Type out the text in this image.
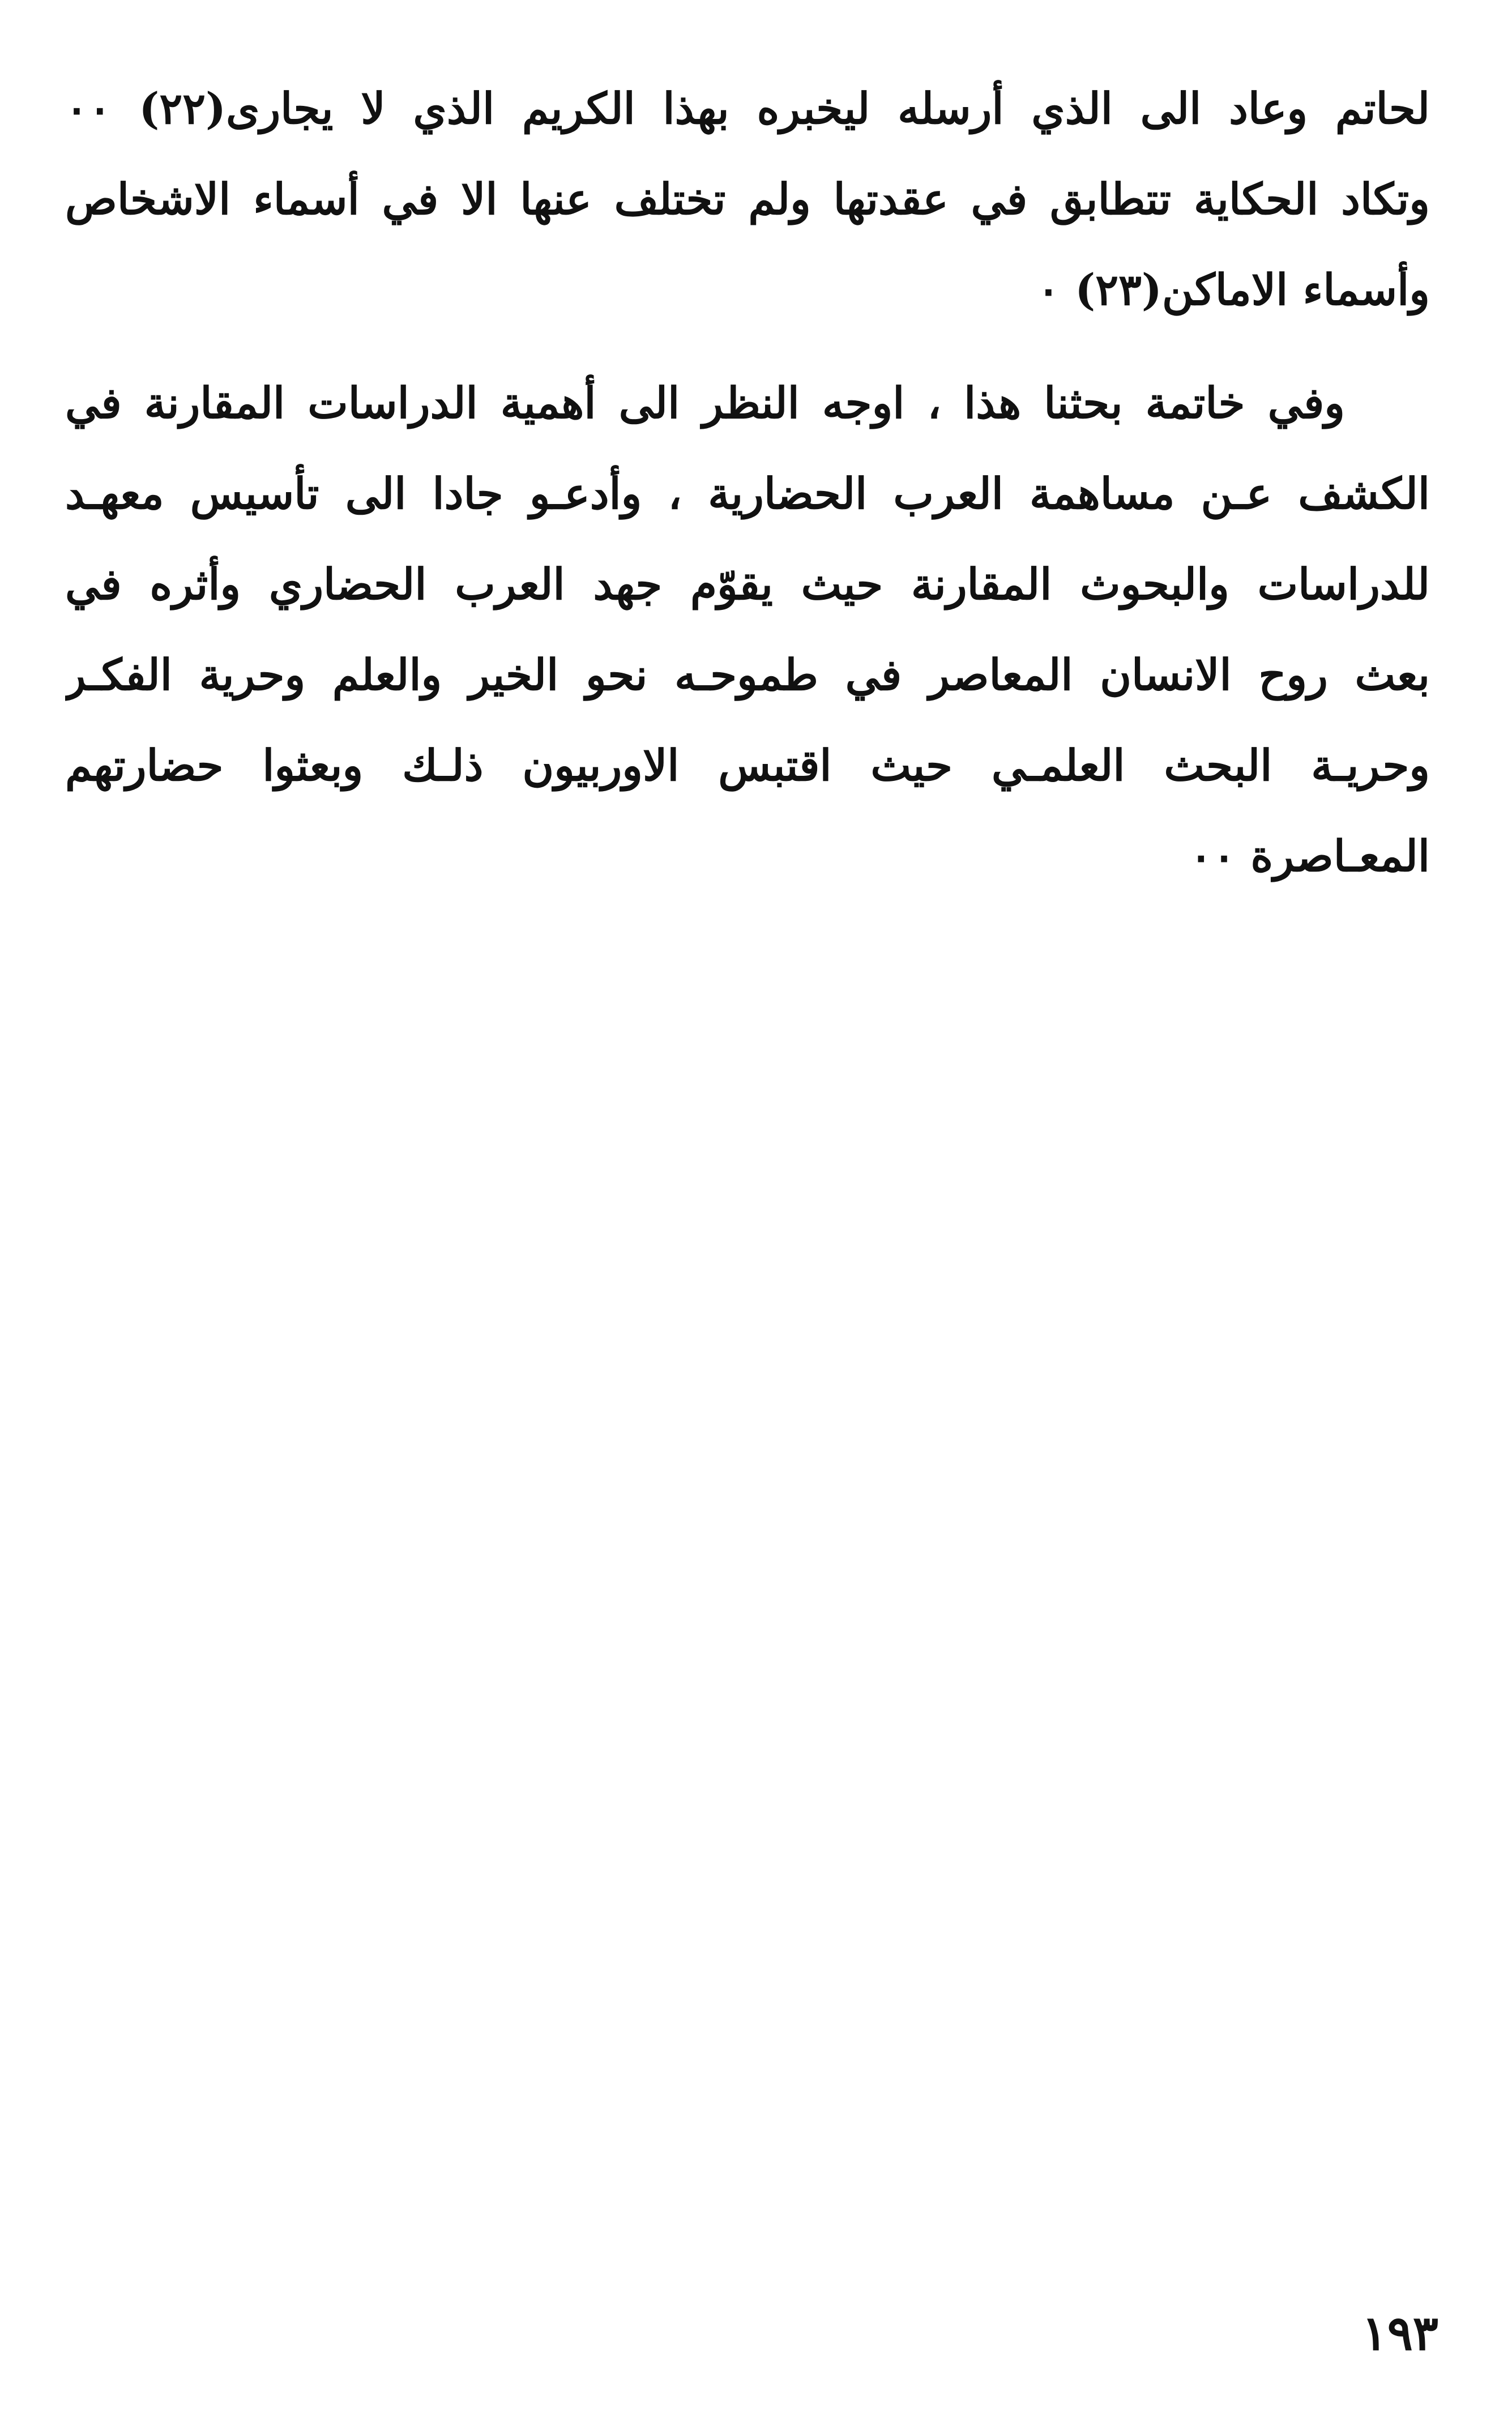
لحاتم وعاد الى الذي أرسله ليخبره بهذا الكريم الذي لا يجارى(٢٢) ٠٠
وتكاد الحكاية تتطابق في عقدتها ولم تختلف عنها الا في أسماء الاشخاص
وأسماء الاماكن(٢٣) ٠
وفي خاتمة بحثنا هذا ، اوجه النظر الى أهمية الدراسات المقارنة في
الكشف عـن مساهمة العرب الحضارية ، وأدعـو جادا الى تأسيس معهـد
للدراسات والبحوث المقارنة حيث يقوّم جهد العرب الحضاري وأثره في
بعث روح الانسان المعاصر في طموحـه نحو الخير والعلم وحرية الفكـر
وحريـة البحث العلمـي حيث اقتبس الاوربيون ذلـك وبعثوا حضارتهم
المعـاصرة ٠٠
١٩٣
